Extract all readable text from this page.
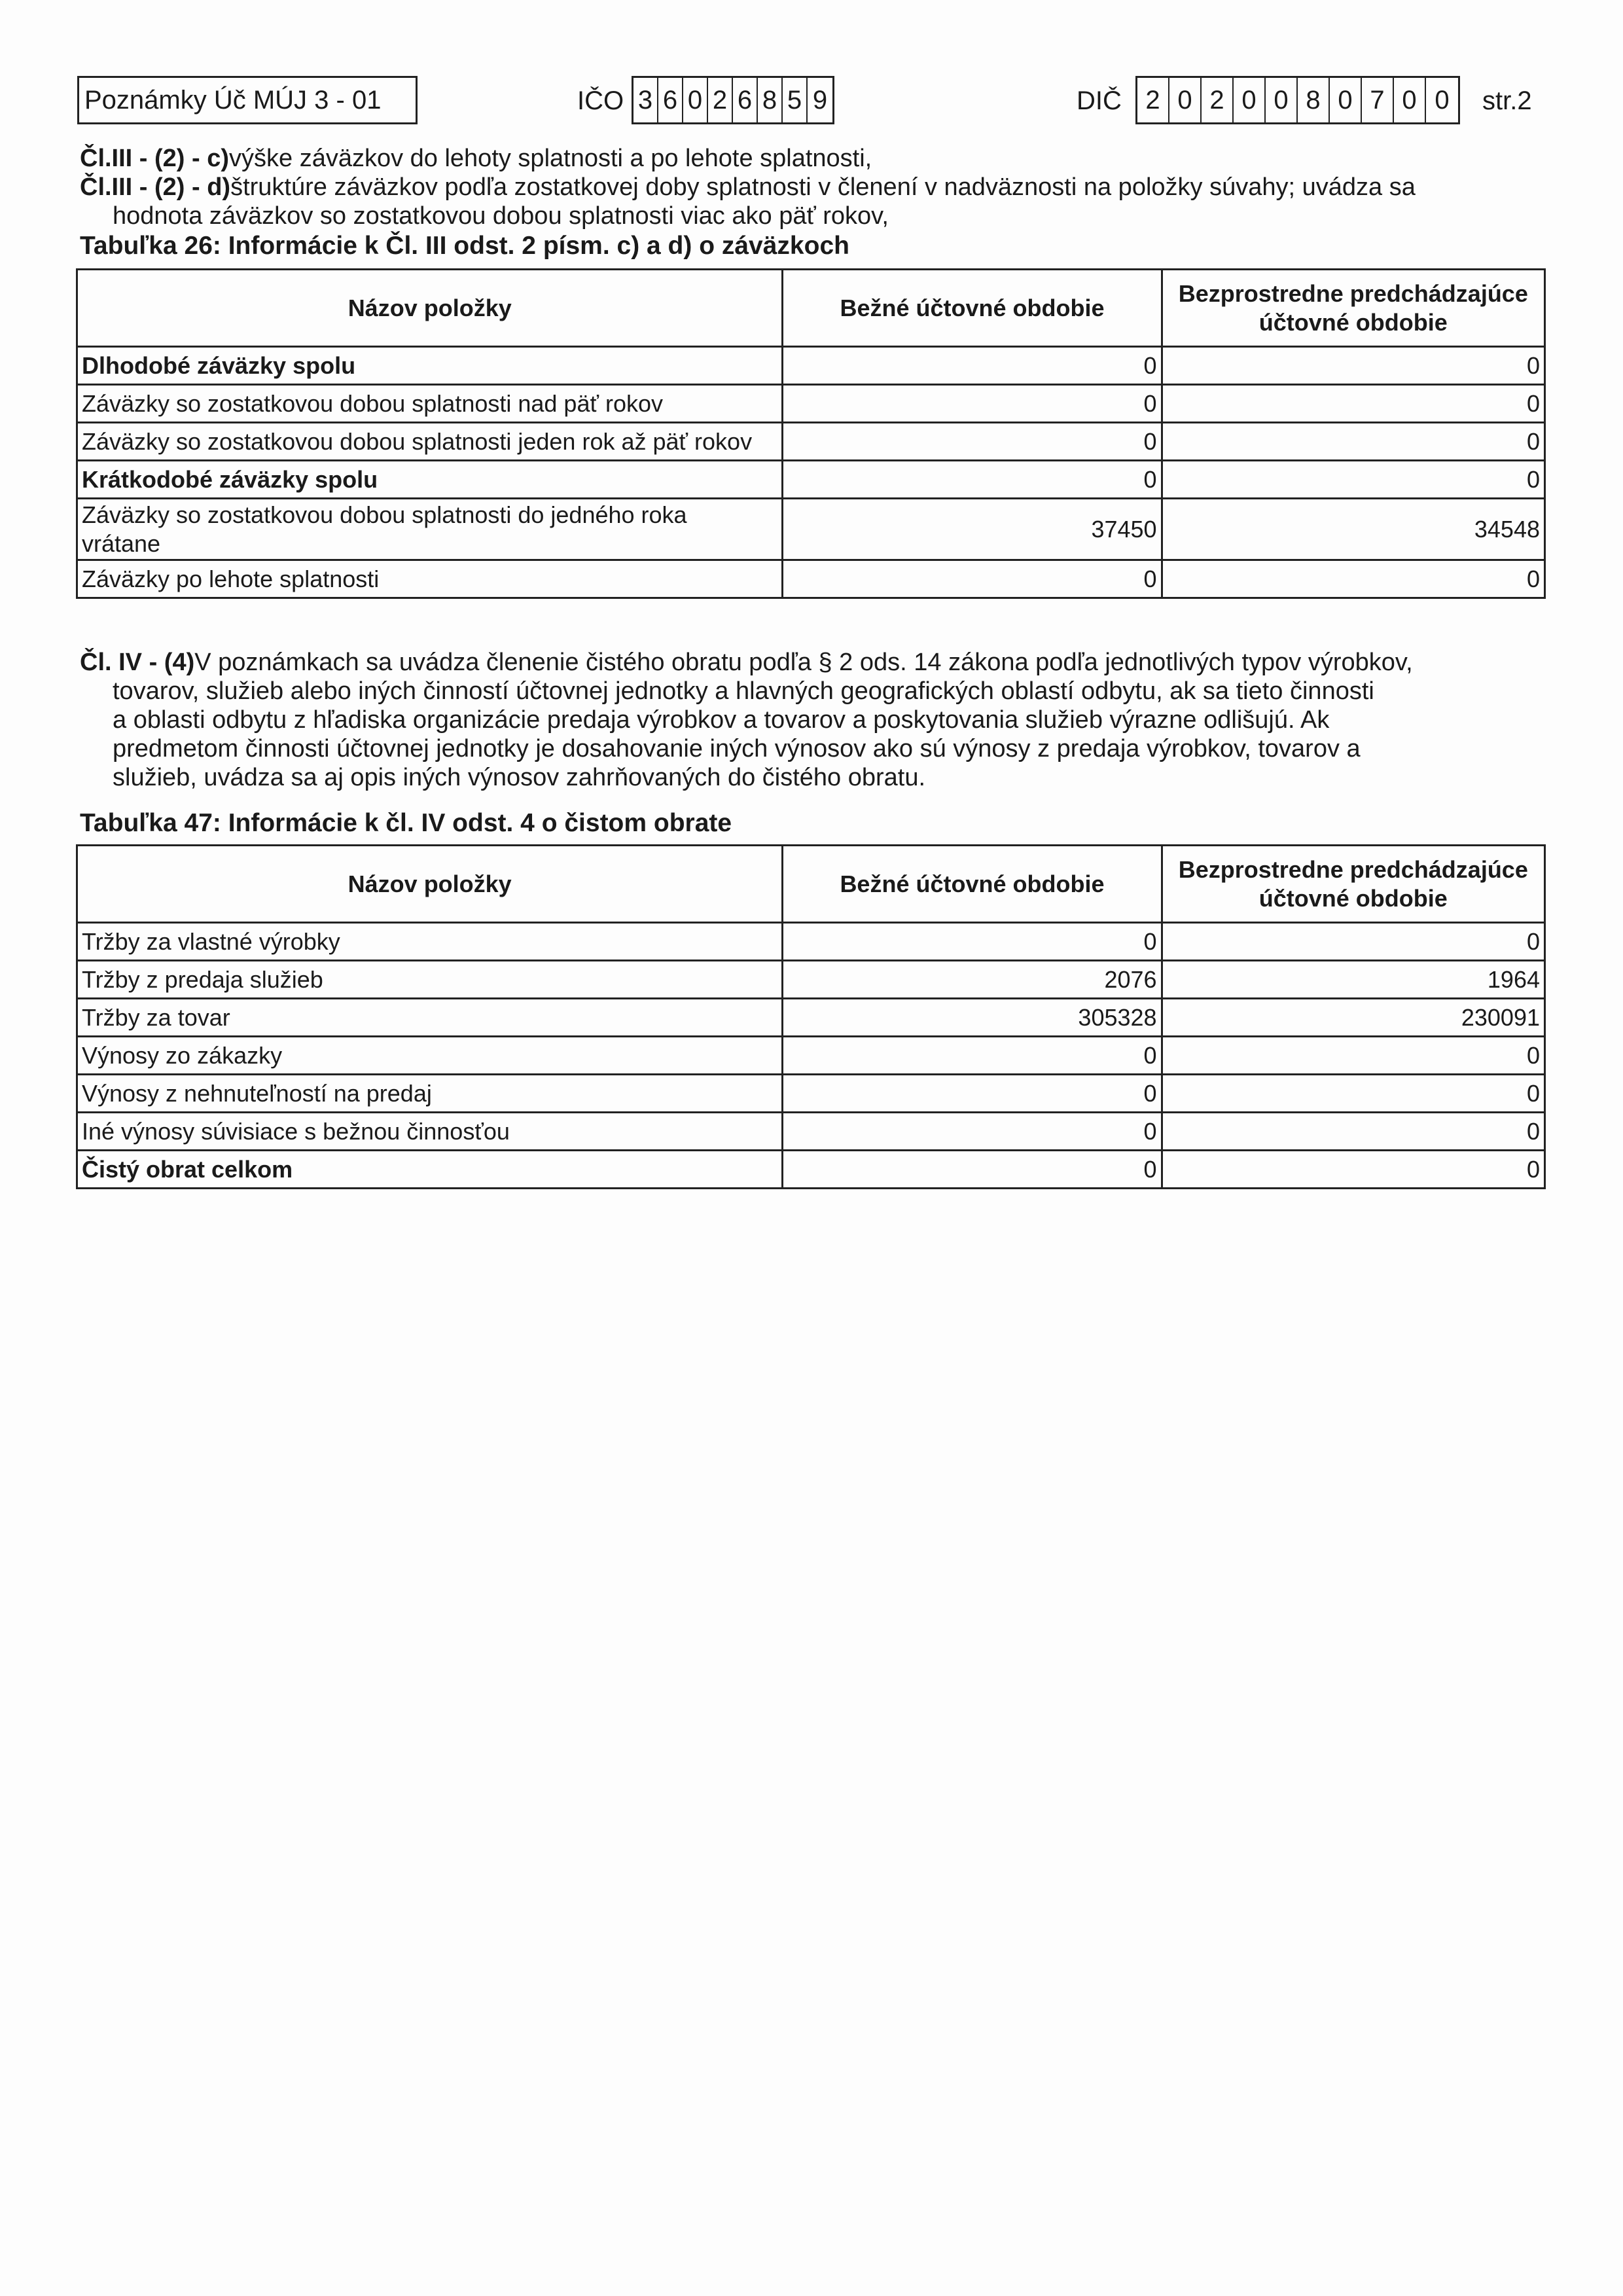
Poznámky Úč MÚJ 3 - 01	IČO 3 6 0 2 6 8 5 9	DIČ 2 0 2 0 0 8 0 7 0 0	str.2
Čl.III - (2) - c)výške záväzkov do lehoty splatnosti a po lehote splatnosti,
Čl.III - (2) - d)štruktúre záväzkov podľa zostatkovej doby splatnosti v členení v nadväznosti na položky súvahy; uvádza sa
hodnota záväzkov so zostatkovou dobou splatnosti viac ako päť rokov,
Tabuľka 26: Informácie k Čl. III odst. 2 písm. c) a d) o záväzkoch
Názov položky	Bežné účtovné obdobie	Bezprostredne predchádzajúce účtovné obdobie
Dlhodobé záväzky spolu	0	0
Záväzky so zostatkovou dobou splatnosti nad päť rokov	0	0
Záväzky so zostatkovou dobou splatnosti jeden rok až päť rokov	0	0
Krátkodobé záväzky spolu	0	0
Záväzky so zostatkovou dobou splatnosti do jedného roka vrátane	37450	34548
Záväzky po lehote splatnosti	0	0
Čl. IV - (4)V poznámkach sa uvádza členenie čistého obratu podľa § 2 ods. 14 zákona podľa jednotlivých typov výrobkov,
tovarov, služieb alebo iných činností účtovnej jednotky a hlavných geografických oblastí odbytu, ak sa tieto činnosti
a oblasti odbytu z hľadiska organizácie predaja výrobkov a tovarov a poskytovania služieb výrazne odlišujú. Ak
predmetom činnosti účtovnej jednotky je dosahovanie iných výnosov ako sú výnosy z predaja výrobkov, tovarov a
služieb, uvádza sa aj opis iných výnosov zahrňovaných do čistého obratu.
Tabuľka 47: Informácie k čl. IV odst. 4 o čistom obrate
Názov položky	Bežné účtovné obdobie	Bezprostredne predchádzajúce účtovné obdobie
Tržby za vlastné výrobky	0	0
Tržby z predaja služieb	2076	1964
Tržby za tovar	305328	230091
Výnosy zo zákazky	0	0
Výnosy z nehnuteľností na predaj	0	0
Iné výnosy súvisiace s bežnou činnosťou	0	0
Čistý obrat celkom	0	0
